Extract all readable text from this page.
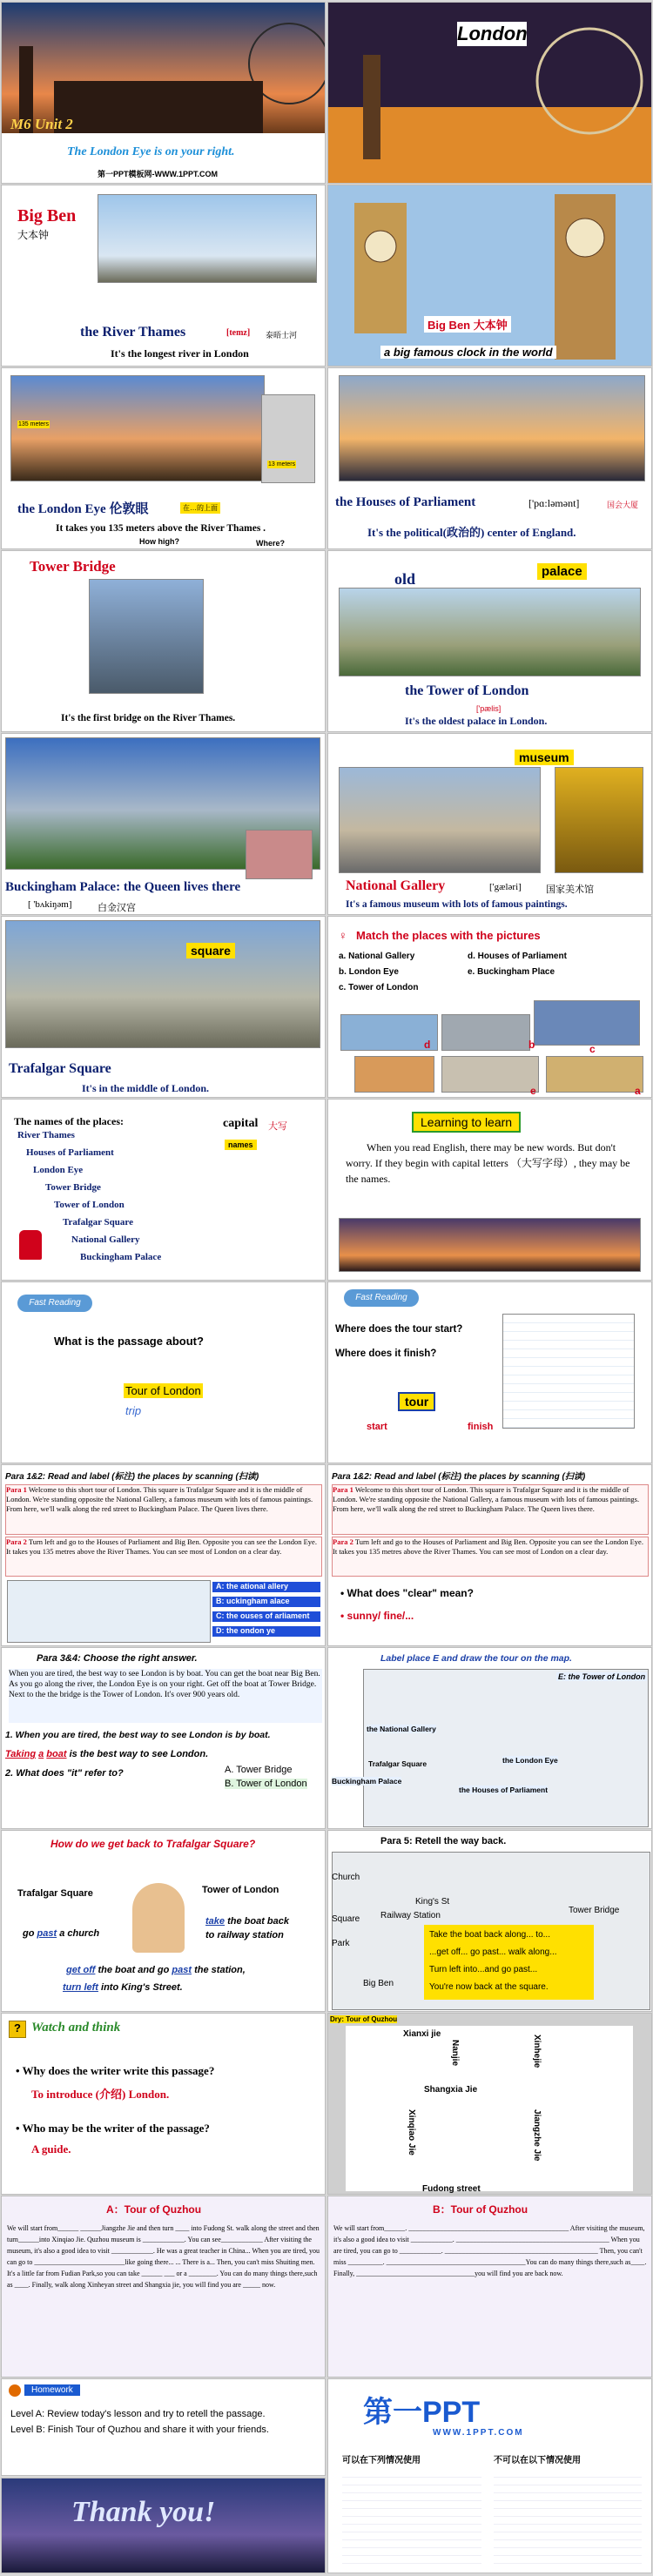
M6 Unit 2
The London Eye is on your right.
第一PPT模板网-WWW.1PPT.COM
London
Big Ben
大本钟
the River Thames	[temz] 泰晤士河
It's the longest river in London
Big Ben 大本钟
a big famous clock in the world
135 meters
13 meters
the London Eye 伦敦眼	在…的上面
It takes you 135 meters above the River Thames .
How high?	Where?
the Houses of Parliament	['pɑ:ləmənt]	国会大厦
It's the political(政治的) center of England.
Tower Bridge
It's the first bridge on the River Thames.
old	palace
the Tower of London
['pælis]
It's the oldest palace in London.
Buckingham Palace: the Queen lives there
[ 'bʌkiŋəm]	白金汉宫
museum
National Gallery	['gæləri]	国家美术馆
It's a famous museum with lots of famous paintings.
square
Trafalgar Square
It's in the middle of London.
♀ Match the places with the pictures
a. National Gallery	d. Houses of Parliament
b. London Eye	e. Buckingham Place
c. Tower of London
d	b	c
e	a
The names of the places:
River Thames
Houses of Parliament
London Eye
Tower Bridge
Tower of London
Trafalgar Square
National Gallery
Buckingham Palace
capital 大写
names
Learning to learn
When you read English, there may be new words. But don't worry. If they begin with capital letters （大写字母）, they may be the names.
Fast Reading
What is the passage about?
Tour of London
trip
Fast Reading
Where does the tour start?
Where does it finish?
tour
start	finish
Para 1&2: Read and label (标注) the places by scanning (扫读)
Para 1 Welcome to this short tour of London. This square is Trafalgar Square and it is the middle of London. We're standing opposite the National Gallery, a famous museum with lots of famous paintings. From here, we'll walk along the red street to Buckingham Palace. The Queen lives there.
Para 2 Turn left and go to the Houses of Parliament and Big Ben. Opposite you can see the London Eye. It takes you 135 metres above the River Thames. You can see most of London on a clear day.
A: the ational allery
B: uckingham alace
C: the ouses of arliament
D: the ondon ye
Para 1&2: Read and label (标注) the places by scanning (扫读)
Para 1 Welcome to this short tour of London. This square is Trafalgar Square and it is the middle of London. We're standing opposite the National Gallery, a famous museum with lots of famous paintings. From here, we'll walk along the red street to Buckingham Palace. The Queen lives there.
Para 2 Turn left and go to the Houses of Parliament and Big Ben. Opposite you can see the London Eye. It takes you 135 metres above the River Thames. You can see most of London on a clear day.
• What does "clear" mean?
• sunny/ fine/...
Para 3&4: Choose the right answer.
When you are tired, the best way to see London is by boat. You can get the boat near Big Ben. As you go along the river, the London Eye is on your right. Get off the boat at Tower Bridge. Next to the the bridge is the Tower of London. It's over 900 years old.
1. When you are tired, the best way to see London is by boat.
Taking a boat is the best way to see London.
2. What does "it" refer to?	A. Tower Bridge
B. Tower of London
Label place E and draw the tour on the map.
E: the Tower of London
the National Gallery
Trafalgar Square	the London Eye
Buckingham Palace
the Houses of Parliament
How do we get back to Trafalgar Square?
Trafalgar Square	Tower of London
go past a church
take the boat back
to railway station
get off the boat and go past the station,
turn left into King's Street.
Para 5: Retell the way back.
Church
Railway Station
King's St
Tower Bridge
Park
Big Ben
Square
Take the boat back along... to...
...get off... go past... walk along...
Turn left into...and go past...
You're now back at the square.
? Watch and think
• Why does the writer write this passage?
To introduce (介绍) London.
• Who may be the writer of the passage?
A guide.
Dry: Tour of Quzhou
Xianxi jie
Shangxia Jie
Fudong street
Nanjie	Xinhejie
Xinqiao Jie	Jiangzhe Jie
A：Tour of Quzhou
We will start from______ ______Jiangzhe Jie and then turn ____ into Fudong St. walk along the street and then turn______into Xinqiao Jie. Quzhou museum is ____________. You can see____________ After visiting the museum, it's also a good idea to visit ____________. He was a great teacher in China... When you are tired, you can go to __________________________like going there... ... There is a... Then, you can't miss Shuiting men. It's a little far from Fudian Park,so you can take ______ ___ or a ________. You can do many things there,such as ____. Finally, walk along Xinheyan street and Shangxia jie, you will find you are _____ now.
B：Tour of Quzhou
We will start from______. ______________________________________________ After visiting the museum, it's also a good idea to visit ____________. ____________________________________________ When you are tired, you can go to ____________. ____________________________________________ Then, you can't miss __________. ________________________________________You can do many things there,such as____. Finally, __________________________________you will find you are back now.
Homework
Level A: Review today's lesson and try to retell the passage.
Level B: Finish Tour of Quzhou and share it with your friends.
第一PPT
WWW.1PPT.COM
可以在下列情况使用	不可以在以下情况使用
Thank you!
